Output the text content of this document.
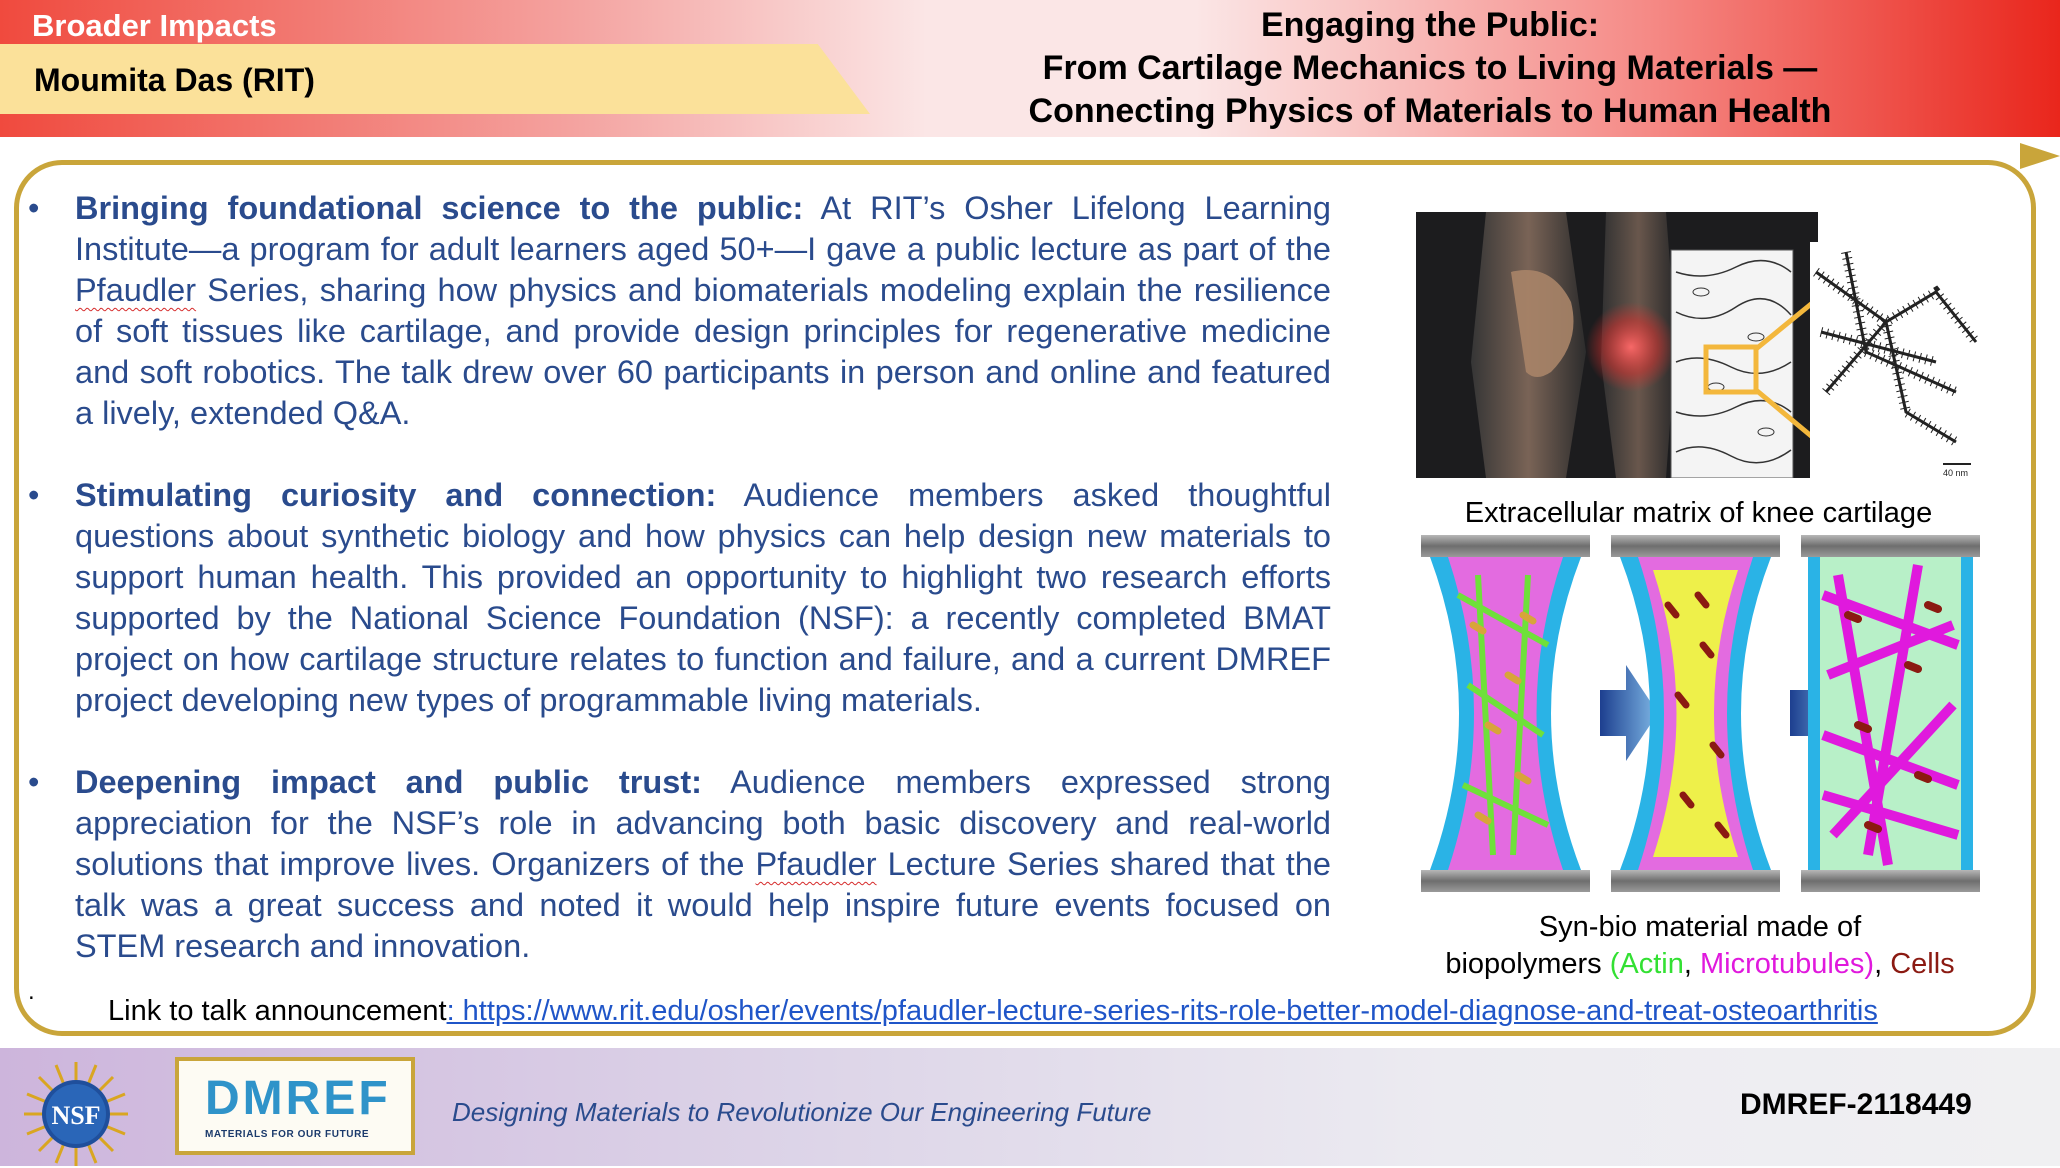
Broader Impacts
Moumita Das (RIT)
Engaging the Public:
From Cartilage Mechanics to Living Materials —
Connecting Physics of Materials to Human Health
• Bringing foundational science to the public: At RIT’s Osher Lifelong Learning Institute—a program for adult learners aged 50+—I gave a public lecture as part of the Pfaudler Series, sharing how physics and biomaterials modeling explain the resilience of soft tissues like cartilage, and provide design principles for regenerative medicine and soft robotics. The talk drew over 60 participants in person and online and featured a lively, extended Q&A.
• Stimulating curiosity and connection: Audience members asked thoughtful questions about synthetic biology and how physics can help design new materials to support human health. This provided an opportunity to highlight two research efforts supported by the National Science Foundation (NSF): a recently completed BMAT project on how cartilage structure relates to function and failure, and a current DMREF project developing new types of programmable living materials.
• Deepening impact and public trust: Audience members expressed strong appreciation for the NSF’s role in advancing both basic discovery and real-world solutions that improve lives. Organizers of the Pfaudler Lecture Series shared that the talk was a great success and noted it would help inspire future events focused on STEM research and innovation.
.
Link to talk announcement: https://www.rit.edu/osher/events/pfaudler-lecture-series-rits-role-better-model-diagnose-and-treat-osteoarthritis
40 nm
Extracellular matrix of knee cartilage
Syn-bio material made of
biopolymers (Actin, Microtubules), Cells
NSF DMREF
MATERIALS FOR OUR FUTURE
Designing Materials to Revolutionize Our Engineering Future	DMREF-2118449
